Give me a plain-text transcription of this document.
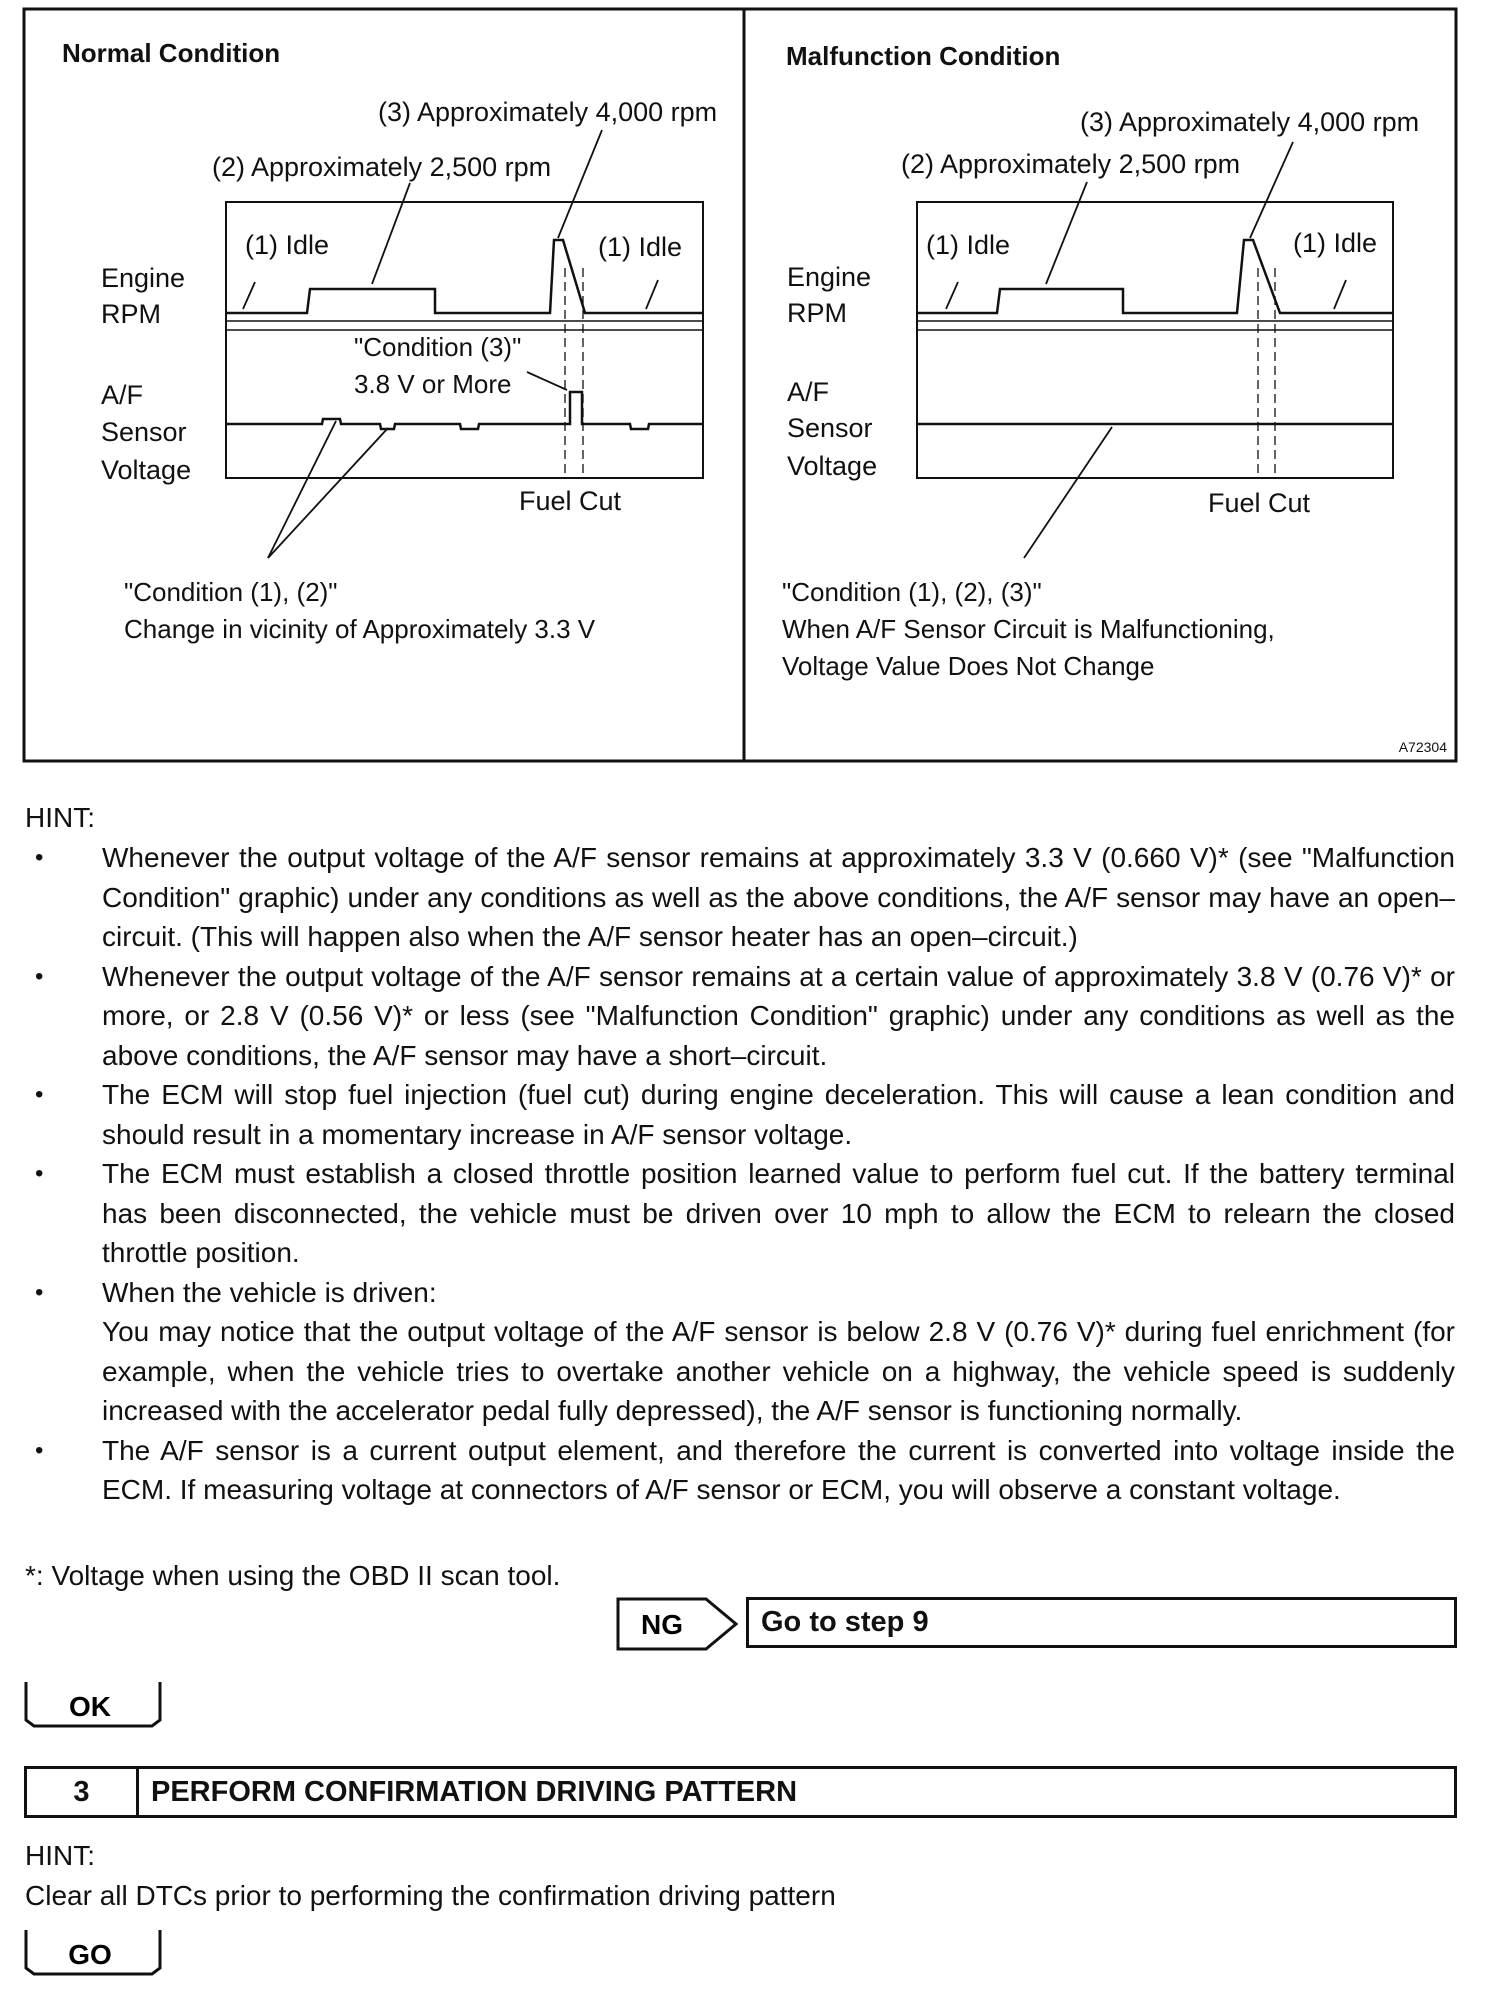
Normal Condition
(3) Approximately 4,000 rpm
(2) Approximately 2,500 rpm
(1) Idle	(1) Idle
Engine
RPM
"Condition (3)"
3.8 V or More
A/F
Sensor
Voltage
Fuel Cut
"Condition (1), (2)"
Change in vicinity of Approximately 3.3 V
Malfunction Condition
(3) Approximately 4,000 rpm
(2) Approximately 2,500 rpm
(1) Idle	(1) Idle
Engine
RPM
A/F
Sensor
Voltage
Fuel Cut
"Condition (1), (2), (3)"
When A/F Sensor Circuit is Malfunctioning,
Voltage Value Does Not Change
A72304
HINT:
• Whenever the output voltage of the A/F sensor remains at approximately 3.3 V (0.660 V)* (see "Malfunction Condition" graphic) under any conditions as well as the above conditions, the A/F sensor may have an open–circuit. (This will happen also when the A/F sensor heater has an open–circuit.)
• Whenever the output voltage of the A/F sensor remains at a certain value of approximately 3.8 V (0.76 V)* or more, or 2.8 V (0.56 V)* or less (see "Malfunction Condition" graphic) under any conditions as well as the above conditions, the A/F sensor may have a short–circuit.
• The ECM will stop fuel injection (fuel cut) during engine deceleration. This will cause a lean condition and should result in a momentary increase in A/F sensor voltage.
• The ECM must establish a closed throttle position learned value to perform fuel cut. If the battery terminal has been disconnected, the vehicle must be driven over 10 mph to allow the ECM to relearn the closed throttle position.
• When the vehicle is driven:
You may notice that the output voltage of the A/F sensor is below 2.8 V (0.76 V)* during fuel enrichment (for example, when the vehicle tries to overtake another vehicle on a highway, the vehicle speed is suddenly increased with the accelerator pedal fully depressed), the A/F sensor is functioning normally.
• The A/F sensor is a current output element, and therefore the current is converted into voltage inside the ECM. If measuring voltage at connectors of A/F sensor or ECM, you will observe a constant voltage.
*: Voltage when using the OBD II scan tool.
NG	Go to step 9
OK
3	PERFORM CONFIRMATION DRIVING PATTERN
HINT:
Clear all DTCs prior to performing the confirmation driving pattern
GO
